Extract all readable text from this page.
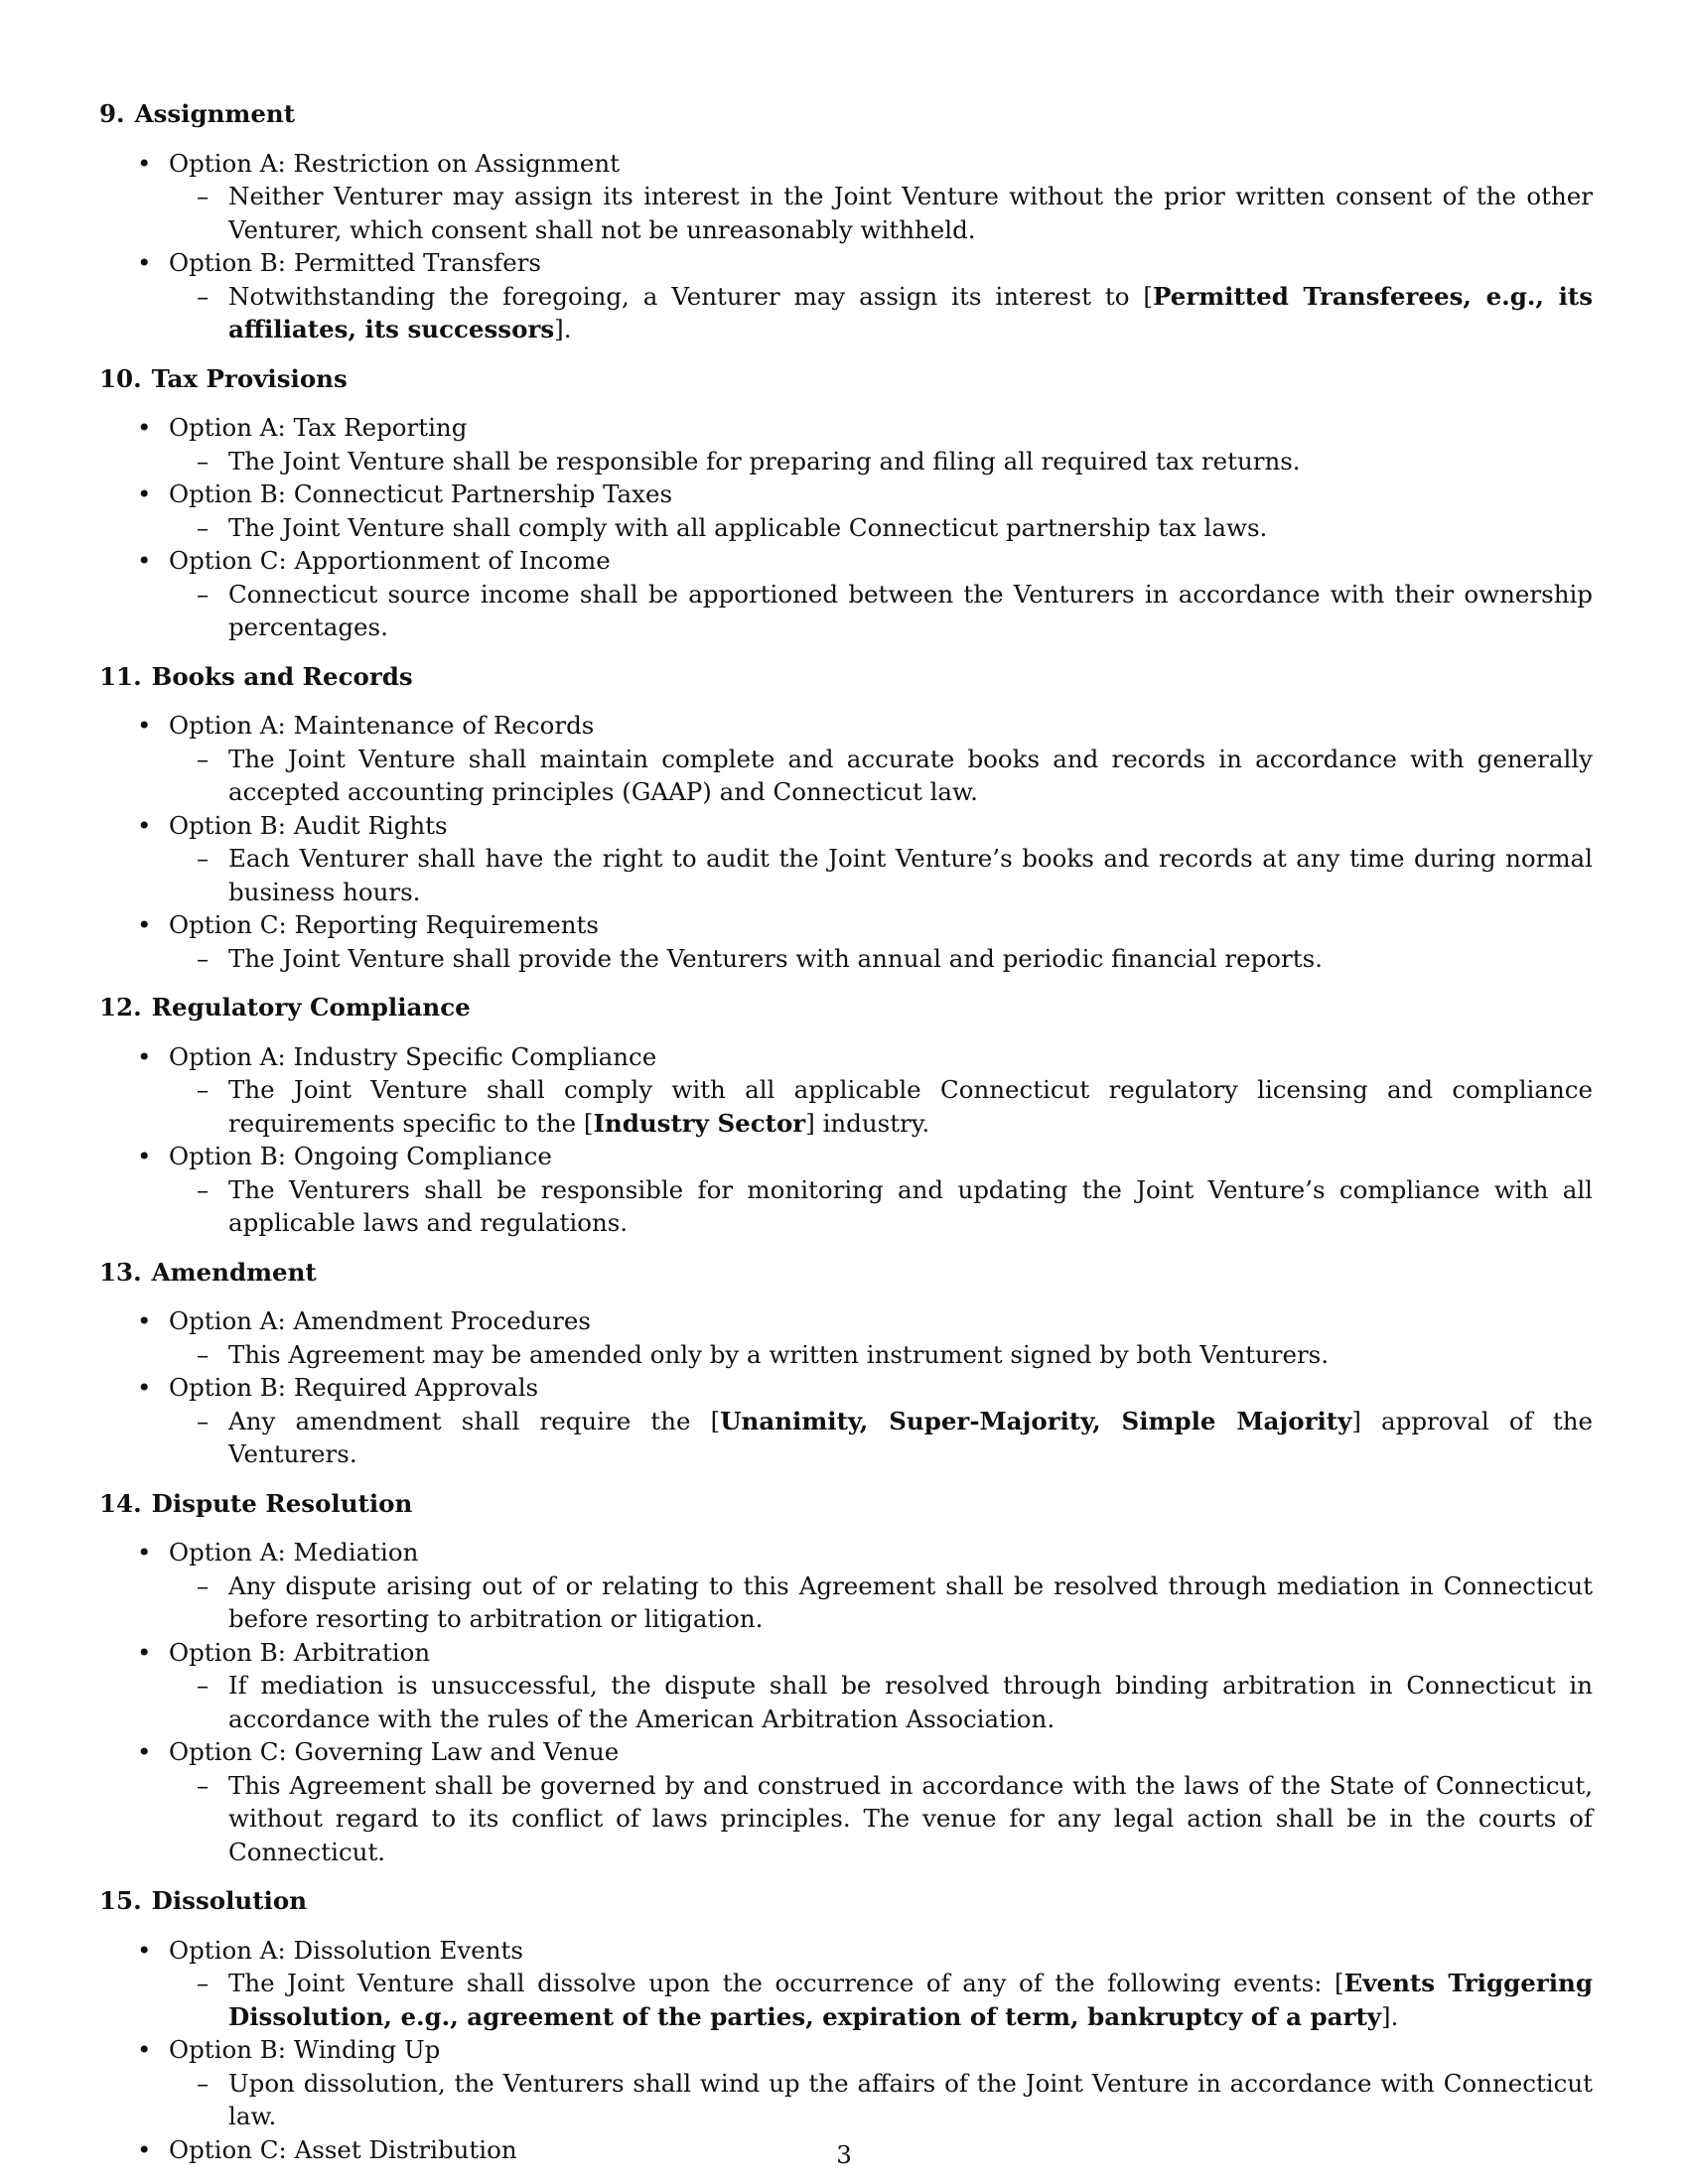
9. Assignment
• Option A: Restriction on Assignment
– Neither Venturer may assign its interest in the Joint Venture without the prior written consent of the other Venturer, which consent shall not be unreasonably withheld.
• Option B: Permitted Transfers
– Notwithstanding the foregoing, a Venturer may assign its interest to [Permitted Transferees, e.g., its affiliates, its successors].
10. Tax Provisions
• Option A: Tax Reporting
– The Joint Venture shall be responsible for preparing and filing all required tax returns.
• Option B: Connecticut Partnership Taxes
– The Joint Venture shall comply with all applicable Connecticut partnership tax laws.
• Option C: Apportionment of Income
– Connecticut source income shall be apportioned between the Venturers in accordance with their ownership percentages.
11. Books and Records
• Option A: Maintenance of Records
– The Joint Venture shall maintain complete and accurate books and records in accordance with generally accepted accounting principles (GAAP) and Connecticut law.
• Option B: Audit Rights
– Each Venturer shall have the right to audit the Joint Venture’s books and records at any time during normal business hours.
• Option C: Reporting Requirements
– The Joint Venture shall provide the Venturers with annual and periodic financial reports.
12. Regulatory Compliance
• Option A: Industry Specific Compliance
– The Joint Venture shall comply with all applicable Connecticut regulatory licensing and compliance requirements specific to the [Industry Sector] industry.
• Option B: Ongoing Compliance
– The Venturers shall be responsible for monitoring and updating the Joint Venture’s compliance with all applicable laws and regulations.
13. Amendment
• Option A: Amendment Procedures
– This Agreement may be amended only by a written instrument signed by both Venturers.
• Option B: Required Approvals
– Any amendment shall require the [Unanimity, Super-Majority, Simple Majority] approval of the Venturers.
14. Dispute Resolution
• Option A: Mediation
– Any dispute arising out of or relating to this Agreement shall be resolved through mediation in Connecticut before resorting to arbitration or litigation.
• Option B: Arbitration
– If mediation is unsuccessful, the dispute shall be resolved through binding arbitration in Connecticut in accordance with the rules of the American Arbitration Association.
• Option C: Governing Law and Venue
– This Agreement shall be governed by and construed in accordance with the laws of the State of Connecticut, without regard to its conflict of laws principles. The venue for any legal action shall be in the courts of Connecticut.
15. Dissolution
• Option A: Dissolution Events
– The Joint Venture shall dissolve upon the occurrence of any of the following events: [Events Triggering Dissolution, e.g., agreement of the parties, expiration of term, bankruptcy of a party].
• Option B: Winding Up
– Upon dissolution, the Venturers shall wind up the affairs of the Joint Venture in accordance with Connecticut law.
• Option C: Asset Distribution	3
